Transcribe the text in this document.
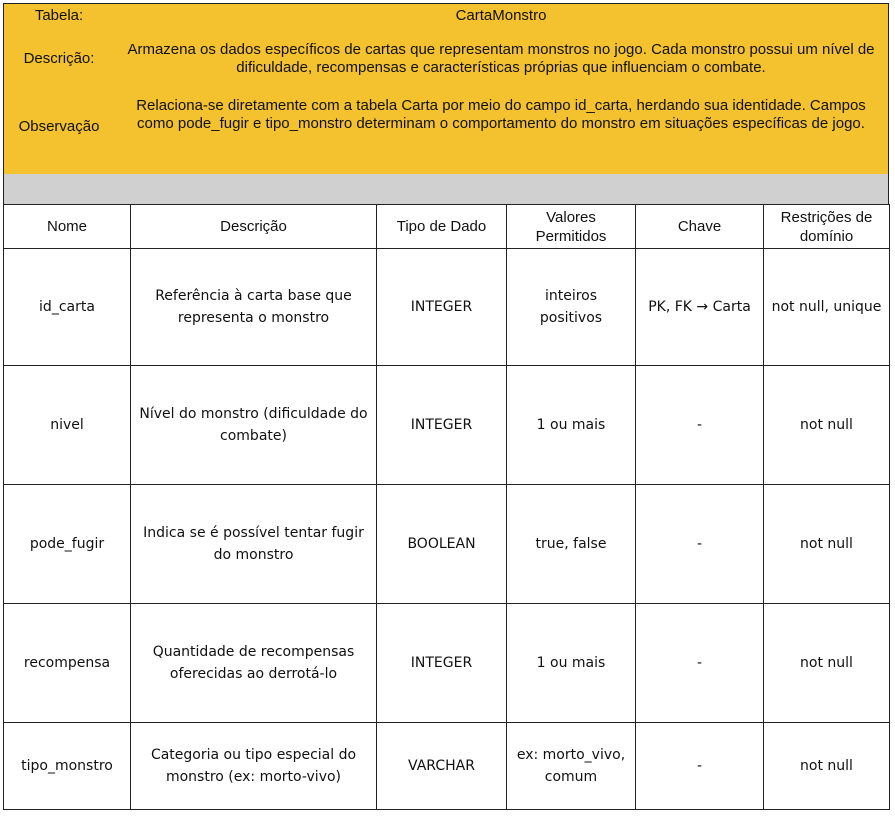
Tabela:	CartaMonstro
Descrição:
Armazena os dados específicos de cartas que representam monstros no jogo. Cada monstro possui um nível de dificuldade, recompensas e características próprias que influenciam o combate.
Observação
Relaciona-se diretamente com a tabela Carta por meio do campo id_carta, herdando sua identidade. Campos como pode_fugir e tipo_monstro determinam o comportamento do monstro em situações específicas de jogo.
Nome	Descrição	Tipo de Dado	Valores Permitidos	Chave	Restrições de domínio
id_carta	Referência à carta base que representa o monstro	INTEGER	inteiros positivos	PK, FK → Carta	not null, unique
nivel	Nível do monstro (dificuldade do combate)	INTEGER	1 ou mais	-	not null
pode_fugir	Indica se é possível tentar fugir do monstro	BOOLEAN	true, false	-	not null
recompensa	Quantidade de recompensas oferecidas ao derrotá-lo	INTEGER	1 ou mais	-	not null
tipo_monstro	Categoria ou tipo especial do monstro (ex: morto-vivo)	VARCHAR	ex: morto_vivo, comum	-	not null
